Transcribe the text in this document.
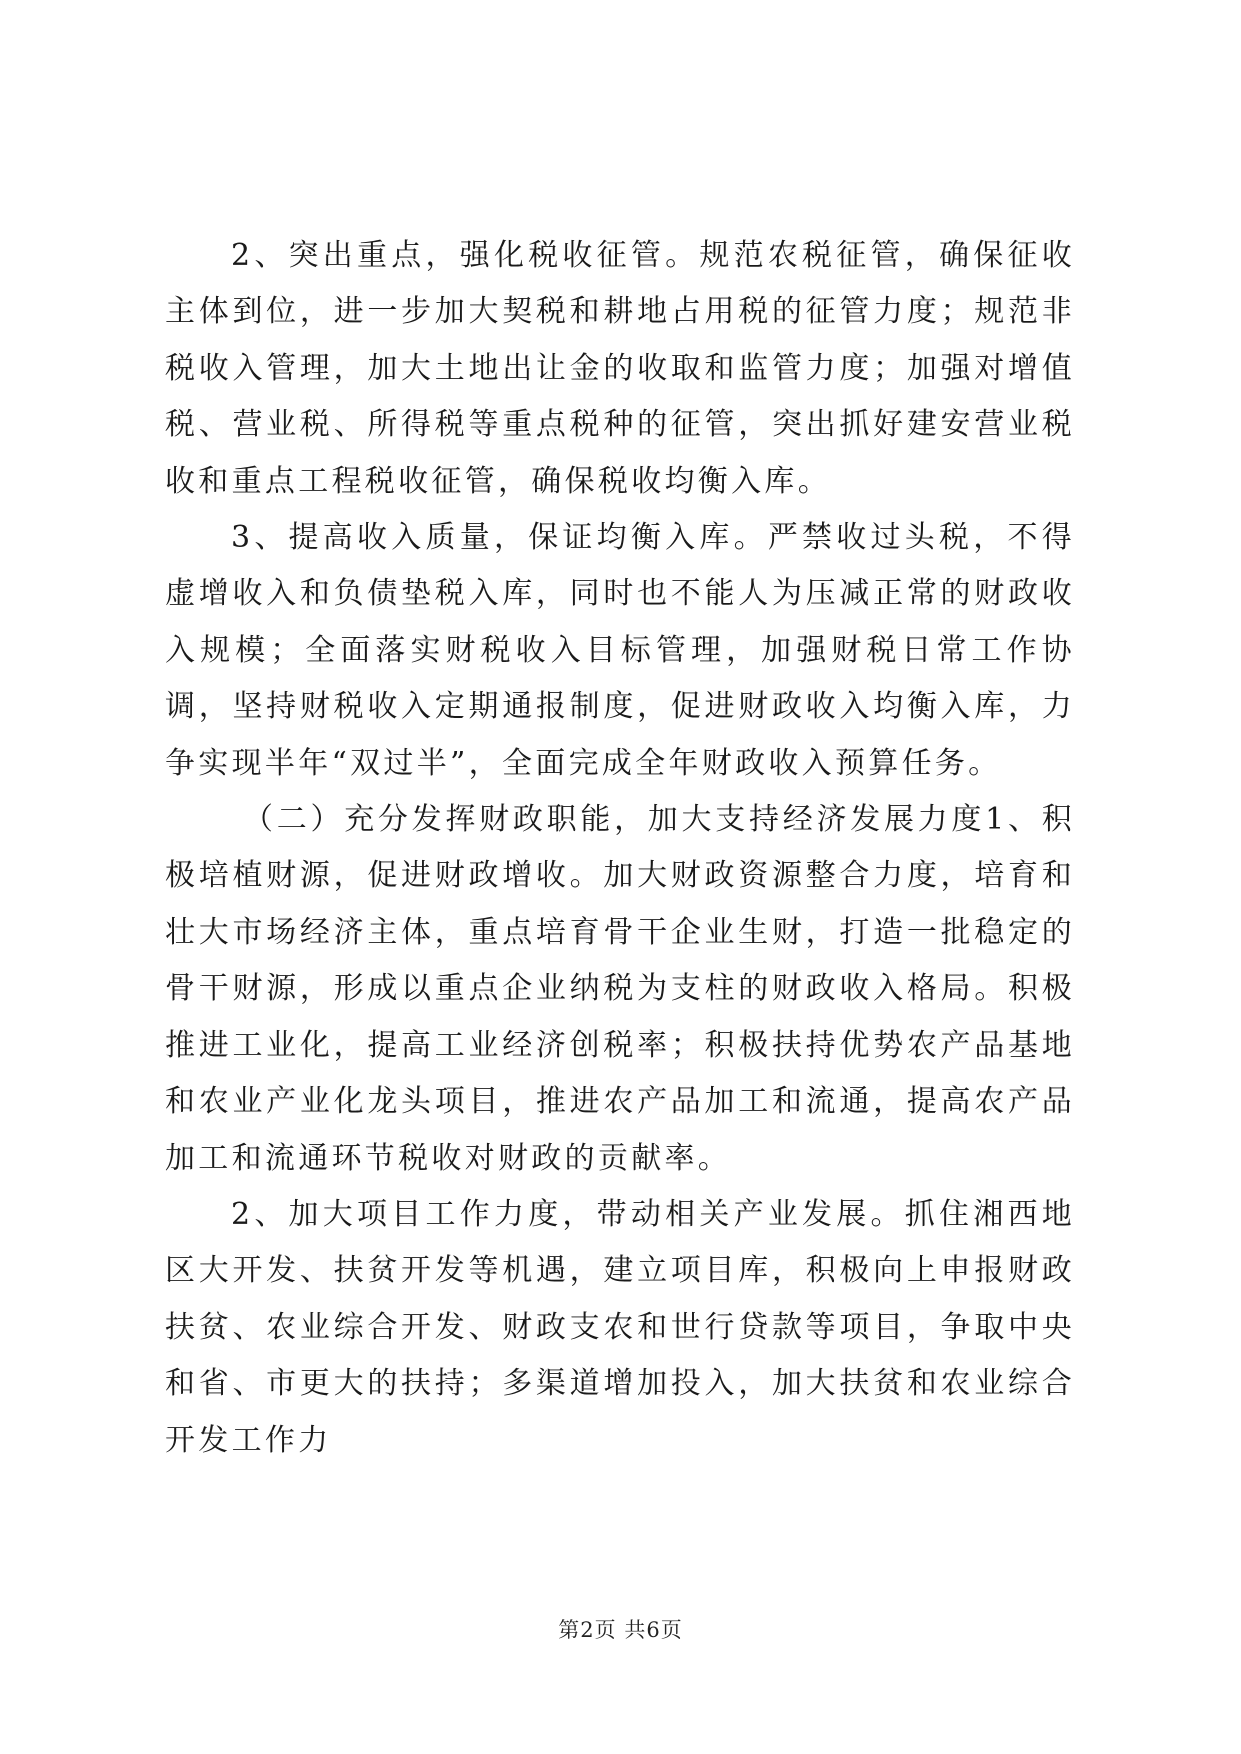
2、突出重点，强化税收征管。规范农税征管，确保征收主体到位，进一步加大契税和耕地占用税的征管力度；规范非税收入管理，加大土地出让金的收取和监管力度；加强对增值税、营业税、所得税等重点税种的征管，突出抓好建安营业税收和重点工程税收征管，确保税收均衡入库。

3、提高收入质量，保证均衡入库。严禁收过头税，不得虚增收入和负债垫税入库，同时也不能人为压减正常的财政收入规模；全面落实财税收入目标管理，加强财税日常工作协调，坚持财税收入定期通报制度，促进财政收入均衡入库，力争实现半年“双过半”，全面完成全年财政收入预算任务。

（二）充分发挥财政职能，加大支持经济发展力度1、积极培植财源，促进财政增收。加大财政资源整合力度，培育和壮大市场经济主体，重点培育骨干企业生财，打造一批稳定的骨干财源，形成以重点企业纳税为支柱的财政收入格局。积极推进工业化，提高工业经济创税率；积极扶持优势农产品基地和农业产业化龙头项目，推进农产品加工和流通，提高农产品加工和流通环节税收对财政的贡献率。

2、加大项目工作力度，带动相关产业发展。抓住湘西地区大开发、扶贫开发等机遇，建立项目库，积极向上申报财政扶贫、农业综合开发、财政支农和世行贷款等项目，争取中央和省、市更大的扶持；多渠道增加投入，加大扶贫和农业综合开发工作力

第2页 共6页
